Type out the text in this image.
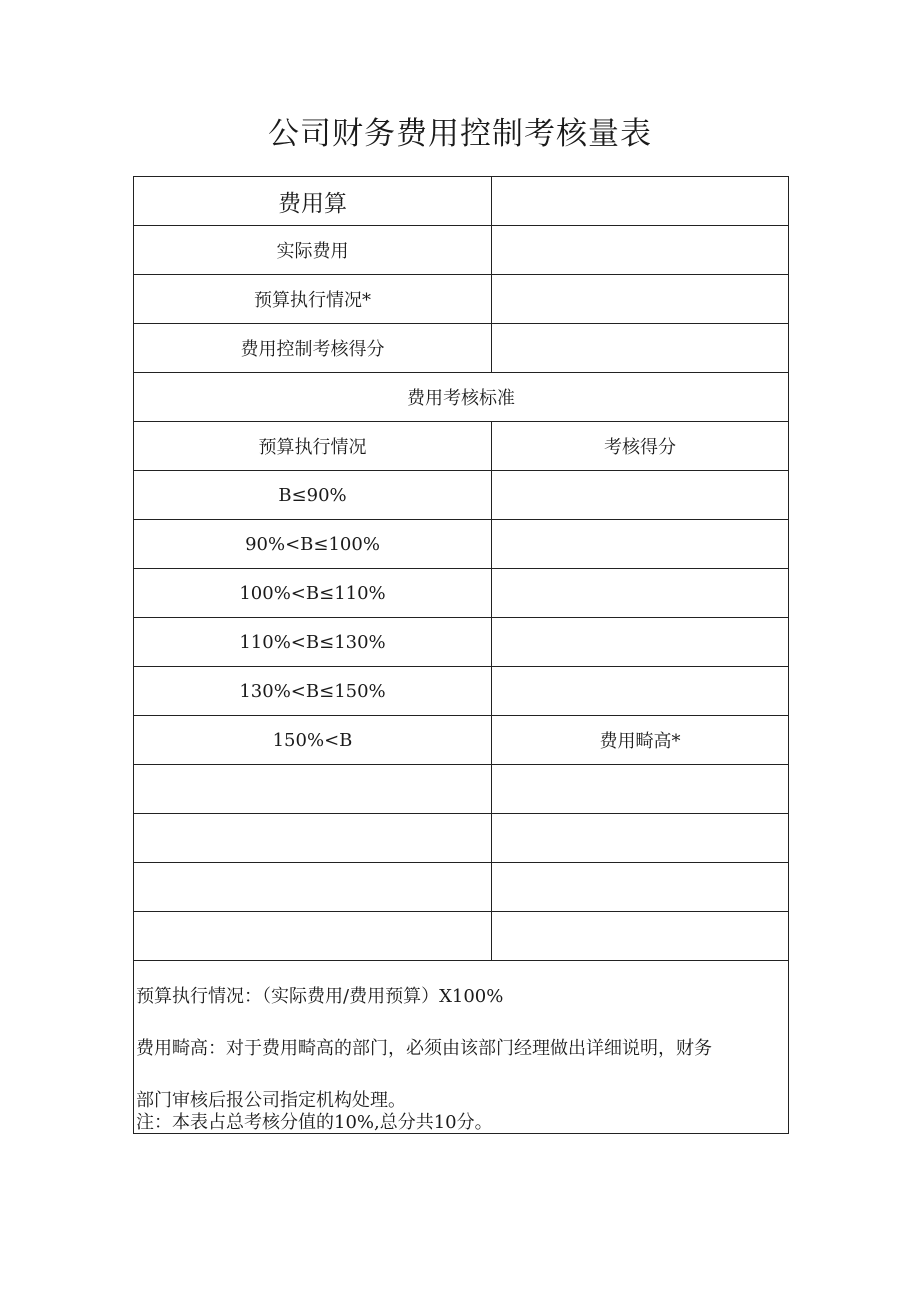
公司财务费用控制考核量表
费用算	
实际费用	
预算执行情况*	
费用控制考核得分	
费用考核标准	
预算执行情况	考核得分
B≤90%	
90%<B≤100%	
100%<B≤110%	
110%<B≤130%	
130%<B≤150%	
150%<B	费用畸高*

预算执行情况：（实际费用/费用预算）X100%
费用畸高：对于费用畸高的部门，必须由该部门经理做出详细说明，财务
部门审核后报公司指定机构处理。	
注：本表占总考核分值的10%,总分共10分。
